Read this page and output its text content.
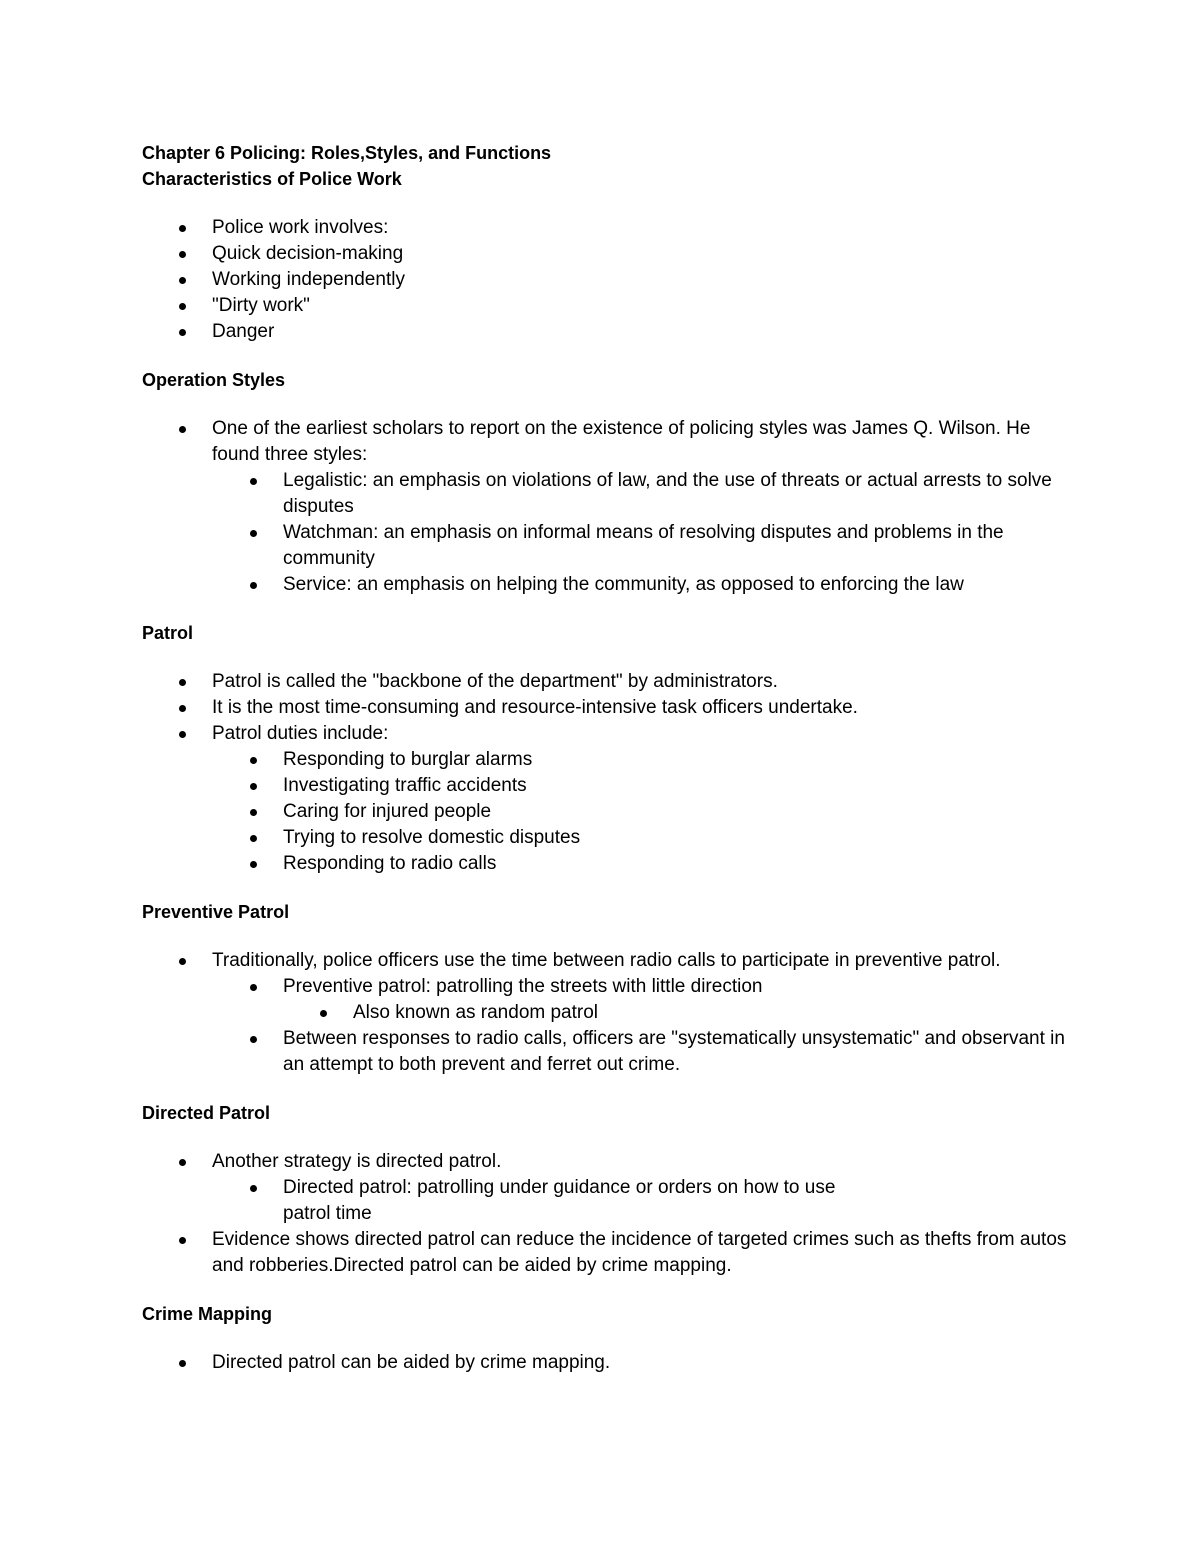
Chapter 6 Policing: Roles,Styles, and Functions

Characteristics of Police Work

Police work involves:
Quick decision-making
Working independently
"Dirty work"
Danger

Operation Styles

One of the earliest scholars to report on the existence of policing styles was James Q. Wilson. He found three styles:
Legalistic: an emphasis on violations of law, and the use of threats or actual arrests to solve disputes
Watchman: an emphasis on informal means of resolving disputes and problems in the community
Service: an emphasis on helping the community, as opposed to enforcing the law

Patrol

Patrol is called the "backbone of the department" by administrators.
It is the most time-consuming and resource-intensive task officers undertake.
Patrol duties include:
Responding to burglar alarms
Investigating traffic accidents
Caring for injured people
Trying to resolve domestic disputes
Responding to radio calls

Preventive Patrol

Traditionally, police officers use the time between radio calls to participate in preventive patrol.
Preventive patrol: patrolling the streets with little direction
Also known as random patrol
Between responses to radio calls, officers are "systematically unsystematic" and observant in an attempt to both prevent and ferret out crime.

Directed Patrol

Another strategy is directed patrol.
Directed patrol: patrolling under guidance or orders on how to use patrol time
Evidence shows directed patrol can reduce the incidence of targeted crimes such as thefts from autos and robberies.Directed patrol can be aided by crime mapping.

Crime Mapping

Directed patrol can be aided by crime mapping.
